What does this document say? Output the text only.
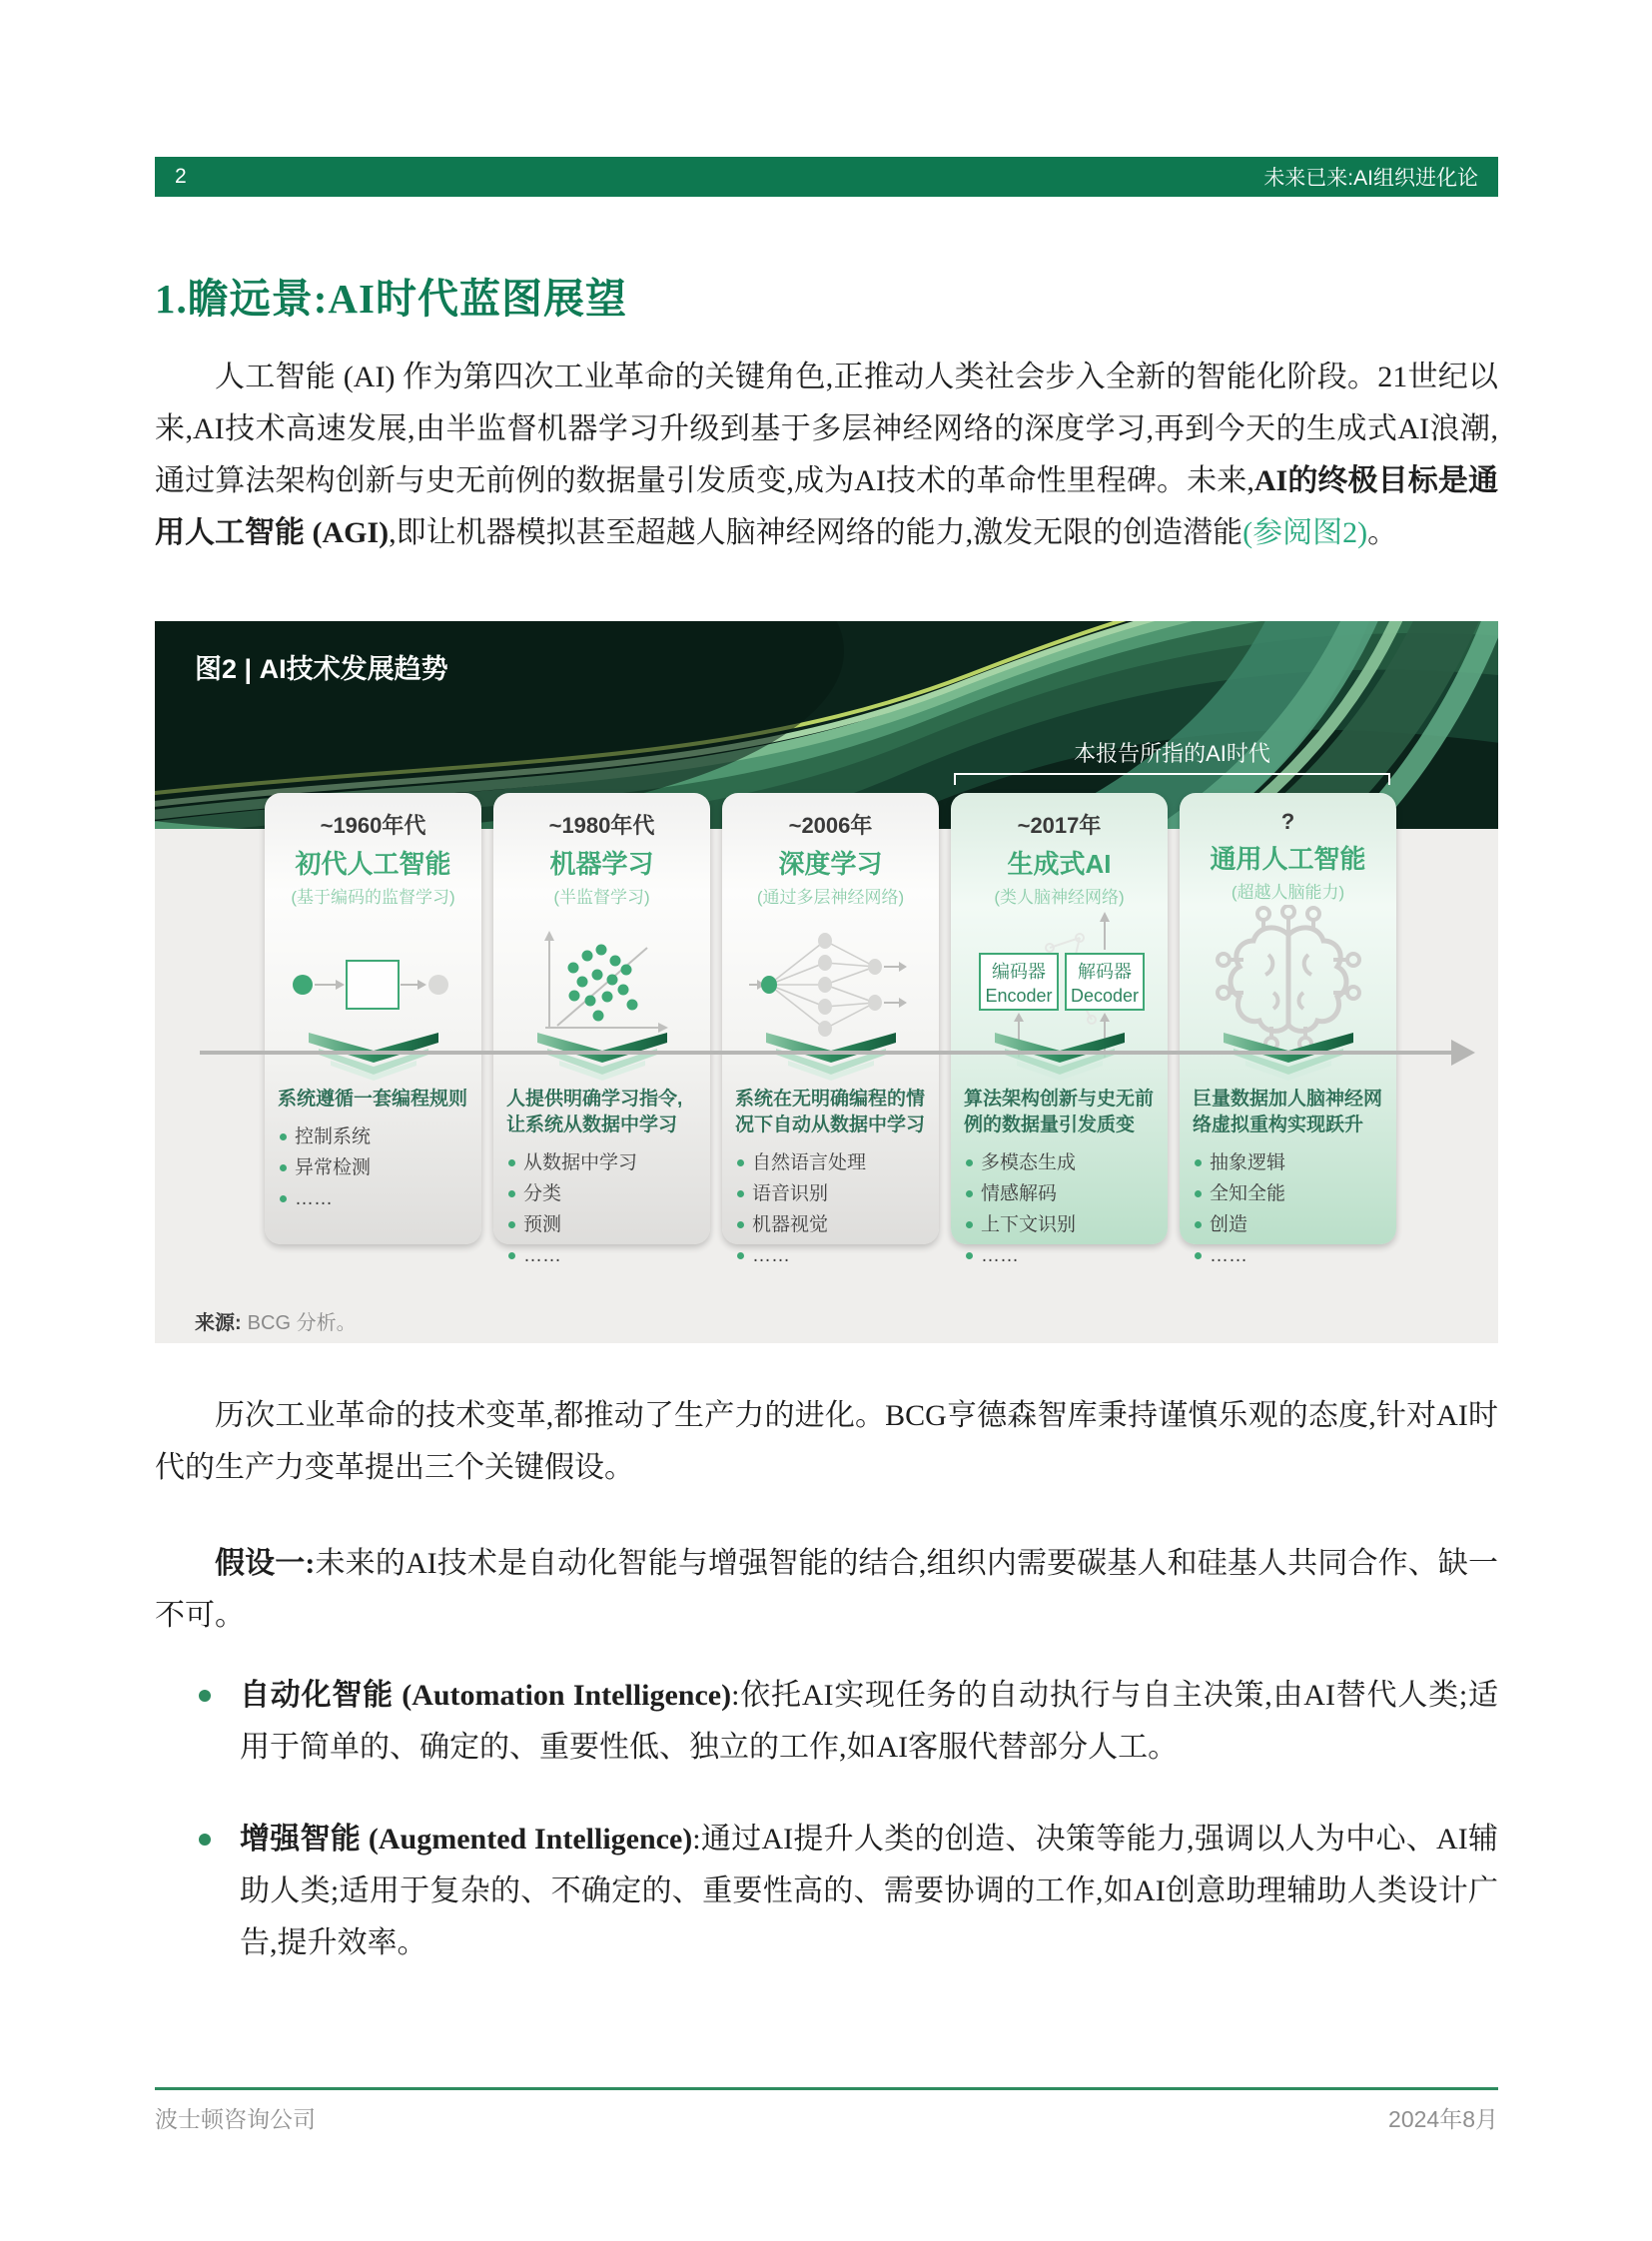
2	未来已来:AI组织进化论
1.瞻远景:AI时代蓝图展望

人工智能 (AI) 作为第四次工业革命的关键角色,正推动人类社会步入全新的智能化阶段。21世纪以来,AI技术高速发展,由半监督机器学习升级到基于多层神经网络的深度学习,再到今天的生成式AI浪潮,通过算法架构创新与史无前例的数据量引发质变,成为AI技术的革命性里程碑。未来,AI的终极目标是通用人工智能 (AGI),即让机器模拟甚至超越人脑神经网络的能力,激发无限的创造潜能(参阅图2)。

图2 | AI技术发展趋势
本报告所指的AI时代
~1960年代
初代人工智能
(基于编码的监督学习)
系统遵循一套编程规则
控制系统
异常检测
……
~1980年代
机器学习
(半监督学习)
人提供明确学习指令,让系统从数据中学习
从数据中学习
分类
预测
……
~2006年
深度学习
(通过多层神经网络)
系统在无明确编程的情况下自动从数据中学习
自然语言处理
语音识别
机器视觉
……
~2017年
生成式AI
(类人脑神经网络)
编码器
Encoder
解码器
Decoder
算法架构创新与史无前例的数据量引发质变
多模态生成
情感解码
上下文识别
……
?
通用人工智能
(超越人脑能力)
巨量数据加人脑神经网络虚拟重构实现跃升
抽象逻辑
全知全能
创造
……
来源: BCG 分析。

历次工业革命的技术变革,都推动了生产力的进化。BCG亨德森智库秉持谨慎乐观的态度,针对AI时代的生产力变革提出三个关键假设。

假设一:未来的AI技术是自动化智能与增强智能的结合,组织内需要碳基人和硅基人共同合作、缺一不可。

自动化智能 (Automation Intelligence):依托AI实现任务的自动执行与自主决策,由AI替代人类;适用于简单的、确定的、重要性低、独立的工作,如AI客服代替部分人工。
增强智能 (Augmented Intelligence):通过AI提升人类的创造、决策等能力,强调以人为中心、AI辅助人类;适用于复杂的、不确定的、重要性高的、需要协调的工作,如AI创意助理辅助人类设计广告,提升效率。
波士顿咨询公司	2024年8月
